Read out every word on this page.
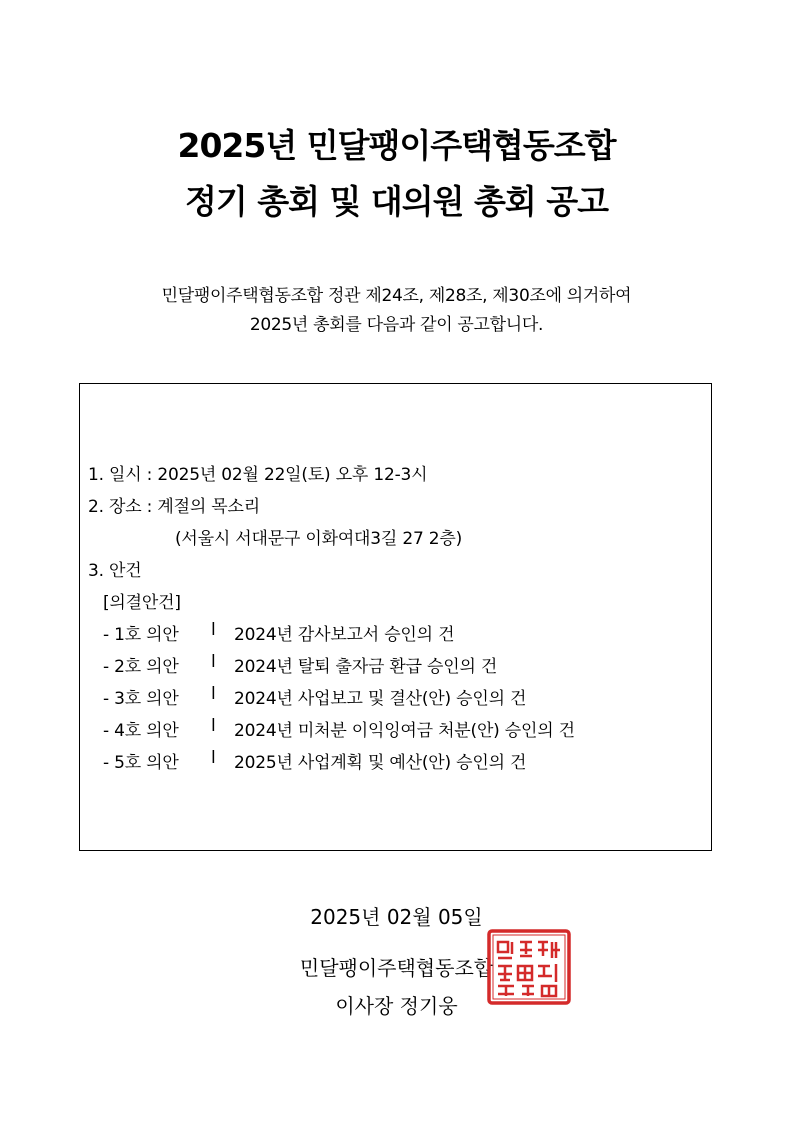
2025년 민달팽이주택협동조합
정기 총회 및 대의원 총회 공고
민달팽이주택협동조합 정관 제24조, 제28조, 제30조에 의거하여
2025년 총회를 다음과 같이 공고합니다.
1. 일시 : 2025년 02월 22일(토) 오후 12-3시
2. 장소 : 계절의 목소리
(서울시 서대문구 이화여대3길 27 2층)
3. 안건
[의결안건]

- 1호 의안

l

2024년 감사보고서 승인의 건

- 2호 의안

l

2024년 탈퇴 출자금 환급 승인의 건

- 3호 의안

l

2024년 사업보고 및 결산(안) 승인의 건

- 4호 의안

l

2024년 미처분 이익잉여금 처분(안) 승인의 건

- 5호 의안

l

2025년 사업계획 및 예산(안) 승인의 건

2025년 02월 05일
민달팽이주택협동조합
이사장 정기웅
